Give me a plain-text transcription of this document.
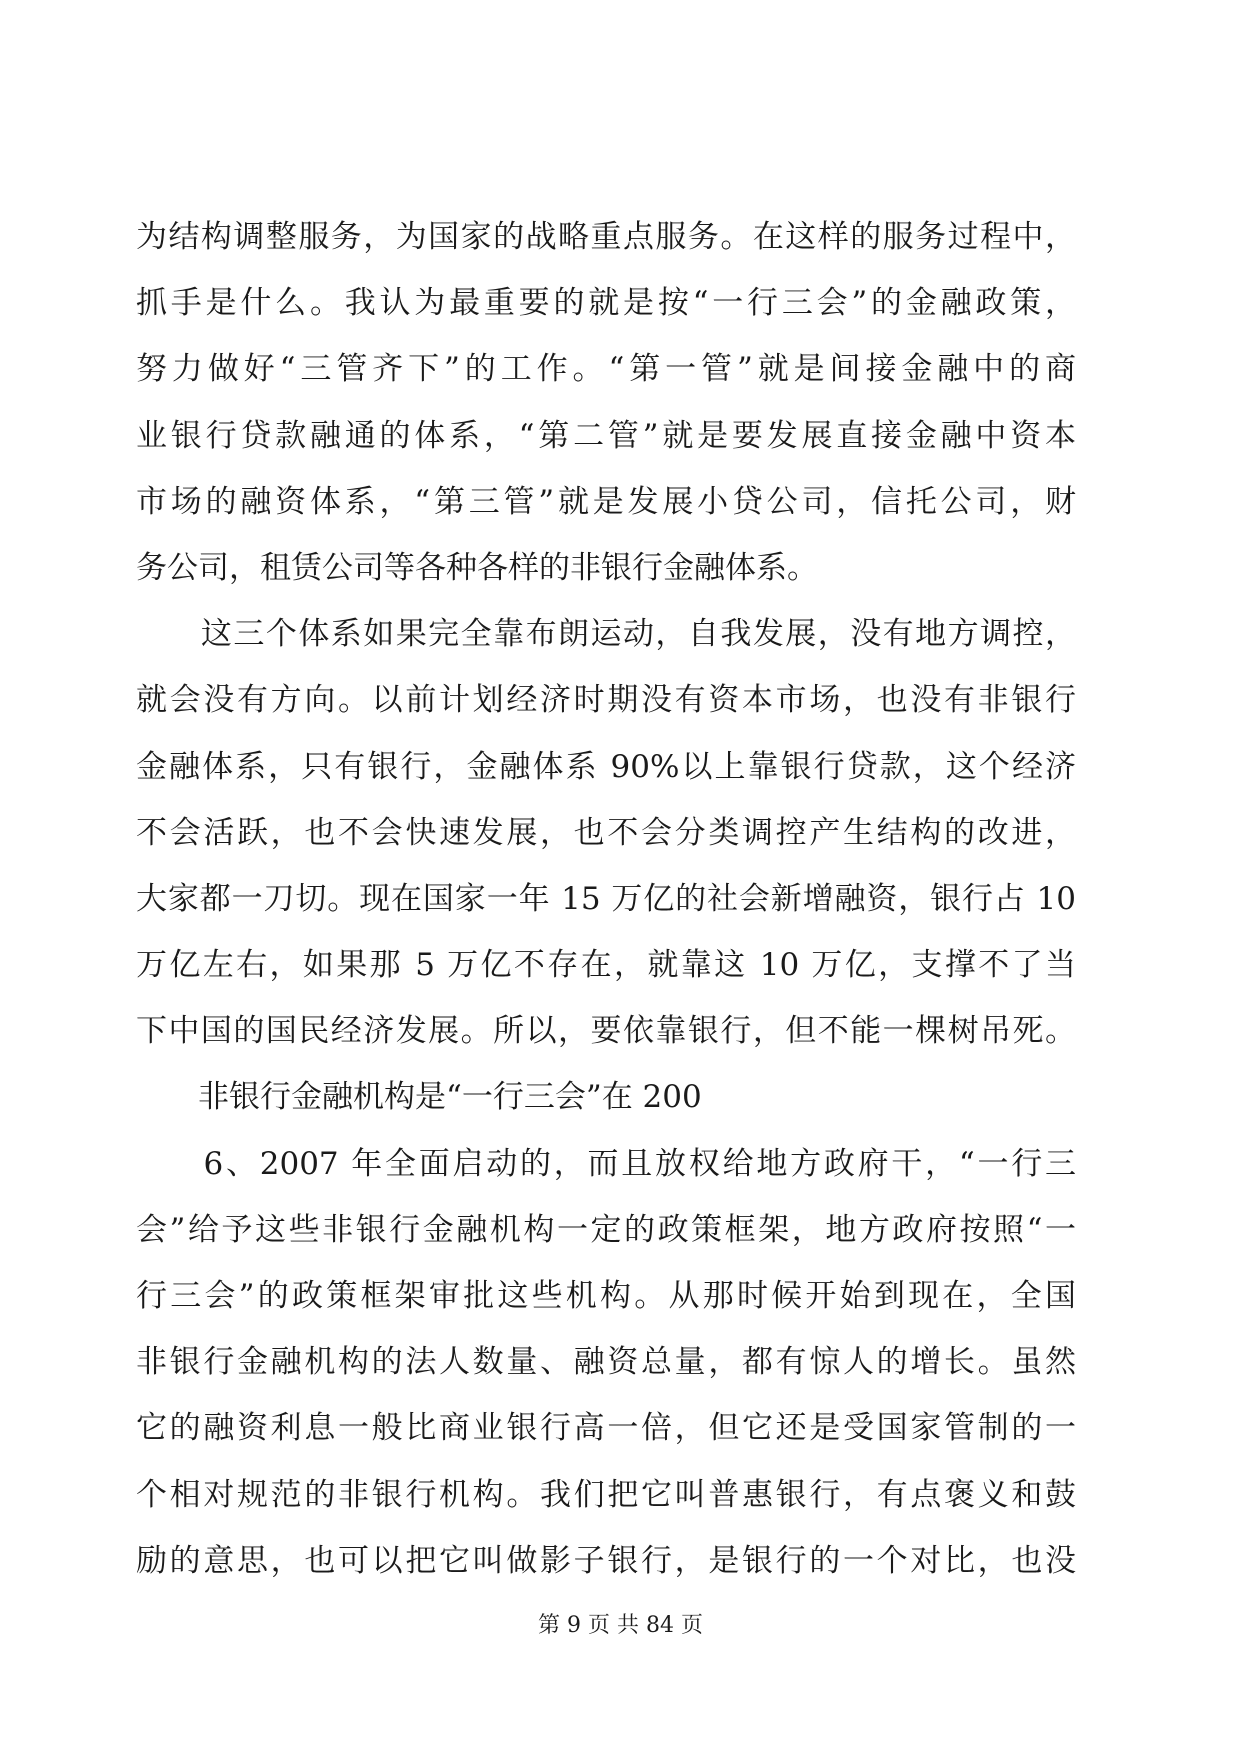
为结构调整服务，为国家的战略重点服务。在这样的服务过程中，
抓手是什么。我认为最重要的就是按“一行三会”的金融政策，
努力做好“三管齐下”的工作。“第一管”就是间接金融中的商
业银行贷款融通的体系，“第二管”就是要发展直接金融中资本
市场的融资体系，“第三管”就是发展小贷公司，信托公司，财
务公司，租赁公司等各种各样的非银行金融体系。
　　这三个体系如果完全靠布朗运动，自我发展，没有地方调控，
就会没有方向。以前计划经济时期没有资本市场，也没有非银行
金融体系，只有银行，金融体系 90%以上靠银行贷款，这个经济
不会活跃，也不会快速发展，也不会分类调控产生结构的改进，
大家都一刀切。现在国家一年 15 万亿的社会新增融资，银行占 10
万亿左右，如果那 5 万亿不存在，就靠这 10 万亿，支撑不了当
下中国的国民经济发展。所以，要依靠银行，但不能一棵树吊死。
　　非银行金融机构是“一行三会”在 200
　　6、2007 年全面启动的，而且放权给地方政府干，“一行三
会”给予这些非银行金融机构一定的政策框架，地方政府按照“一
行三会”的政策框架审批这些机构。从那时候开始到现在，全国
非银行金融机构的法人数量、融资总量，都有惊人的增长。虽然
它的融资利息一般比商业银行高一倍，但它还是受国家管制的一
个相对规范的非银行机构。我们把它叫普惠银行，有点褒义和鼓
励的意思，也可以把它叫做影子银行，是银行的一个对比，也没
第 9 页 共 84 页
